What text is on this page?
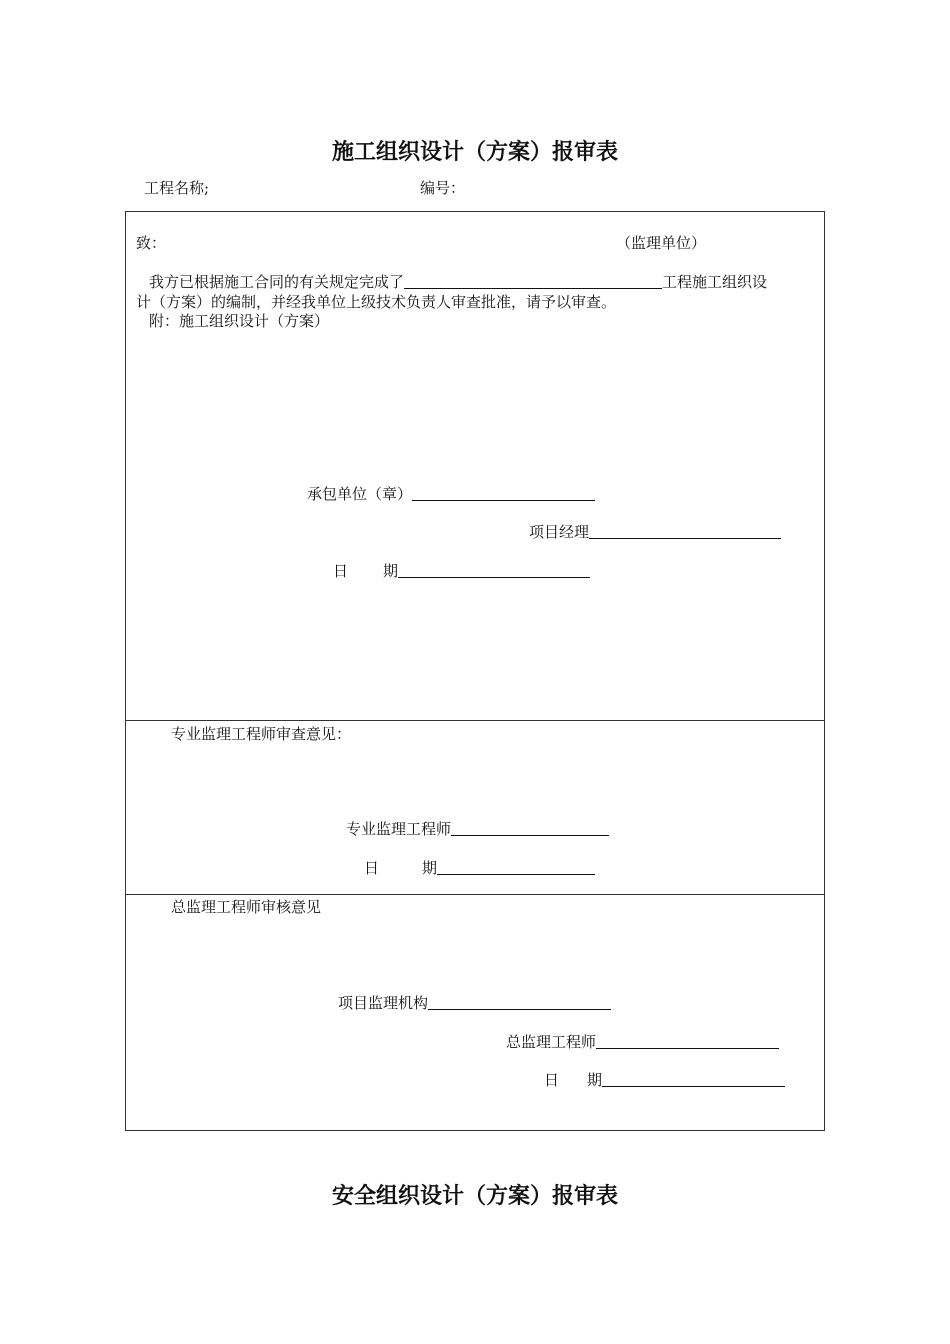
施工组织设计（方案）报审表
工程名称;	编号：
致：	（监理单位）
我方已根据施工合同的有关规定完成了	工程施工组织设
计（方案）的编制，并经我单位上级技术负责人审查批准，请予以审查。
附：施工组织设计（方案）
承包单位（章）
项目经理
日 期
专业监理工程师审查意见：
专业监理工程师
日	期
总监理工程师审核意见
项目监理机构
总监理工程师
日 期
安全组织设计（方案）报审表
